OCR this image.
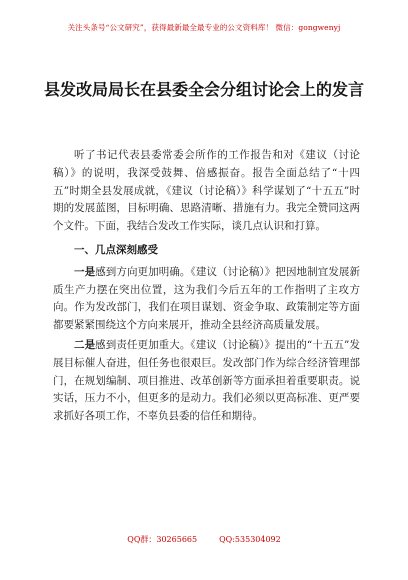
关注头条号“公文研究”，获得最新最全最专业的公文资料库！ 微信：gongwenyj
县发改局局长在县委全会分组讨论会上的发言

听了书记代表县委常委会所作的工作报告和对《建议（讨论稿）》的说明，我深受鼓舞、倍感振奋。报告全面总结了“十四五”时期全县发展成就，《建议（讨论稿）》科学谋划了“十五五”时期的发展蓝图，目标明确、思路清晰、措施有力。我完全赞同这两个文件。下面，我结合发改工作实际，谈几点认识和打算。

一、几点深刻感受

一是感到方向更加明确。《建议（讨论稿）》把因地制宜发展新质生产力摆在突出位置，这为我们今后五年的工作指明了主攻方向。作为发改部门，我们在项目谋划、资金争取、政策制定等方面都要紧紧围绕这个方向来展开，推动全县经济高质量发展。

二是感到责任更加重大。《建议（讨论稿）》提出的“十五五”发展目标催人奋进，但任务也很艰巨。发改部门作为综合经济管理部门，在规划编制、项目推进、改革创新等方面承担着重要职责。说实话，压力不小，但更多的是动力。我们必须以更高标准、更严要求抓好各项工作，不辜负县委的信任和期待。

QQ群：30265665	QQ:535304092
